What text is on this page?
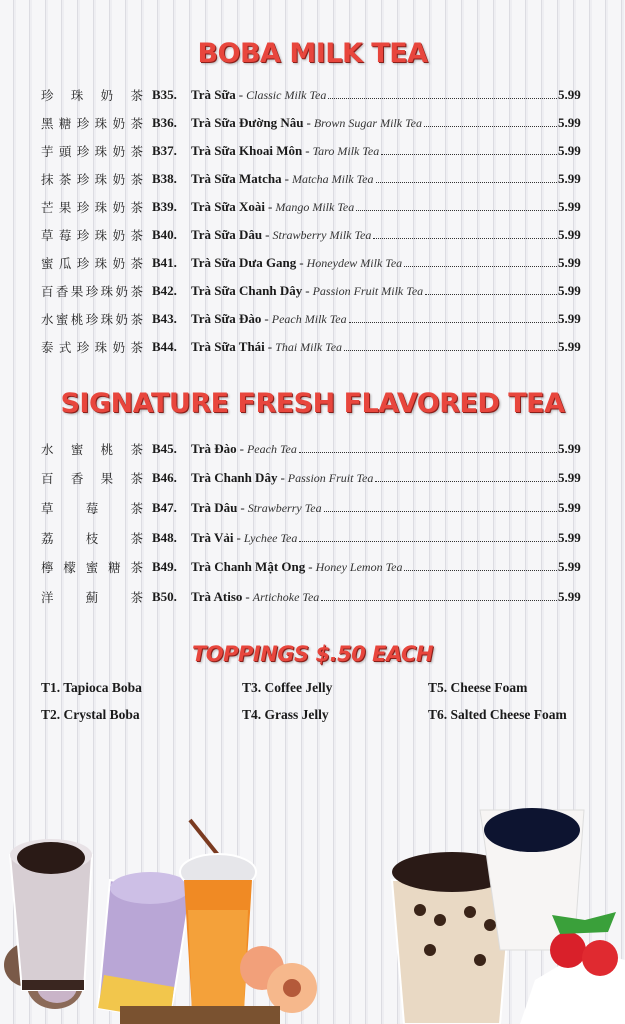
BOBA MILK TEA
珍 珠 奶 茶 B35. Trà Sữa - Classic Milk Tea	5.99
黑 糖 珍 珠 奶 茶 B36. Trà Sữa Đường Nâu - Brown Sugar Milk Tea	5.99
芋 頭 珍 珠 奶 茶 B37. Trà Sữa Khoai Môn - Taro Milk Tea	5.99
抹 茶 珍 珠 奶 茶 B38. Trà Sữa Matcha - Matcha Milk Tea	5.99
芒 果 珍 珠 奶 茶 B39. Trà Sữa Xoài - Mango Milk Tea	5.99
草 莓 珍 珠 奶 茶 B40. Trà Sữa Dâu - Strawberry Milk Tea	5.99
蜜 瓜 珍 珠 奶 茶 B41. Trà Sữa Dưa Gang - Honeydew Milk Tea	5.99
百 香 果 珍 珠 奶 茶 B42. Trà Sữa Chanh Dây - Passion Fruit Milk Tea	5.99
水 蜜 桃 珍 珠 奶 茶 B43. Trà Sữa Đào - Peach Milk Tea	5.99
泰 式 珍 珠 奶 茶 B44. Trà Sữa Thái - Thai Milk Tea	5.99
SIGNATURE FRESH FLAVORED TEA
水 蜜 桃 茶 B45. Trà Đào - Peach Tea	5.99
百 香 果 茶 B46. Trà Chanh Dây - Passion Fruit Tea	5.99
草	莓	茶 B47. Trà Dâu - Strawberry Tea	5.99
荔	枝	茶 B48. Trà Vải - Lychee Tea	5.99
檸 檬 蜜 糖 茶 B49. Trà Chanh Mật Ong - Honey Lemon Tea	5.99
洋	薊	茶 B50. Trà Atiso - Artichoke Tea	5.99
TOPPINGS $.50 EACH
T1. Tapioca Boba
T2. Crystal Boba
T3. Coffee Jelly
T4. Grass Jelly
T5. Cheese Foam
T6. Salted Cheese Foam
